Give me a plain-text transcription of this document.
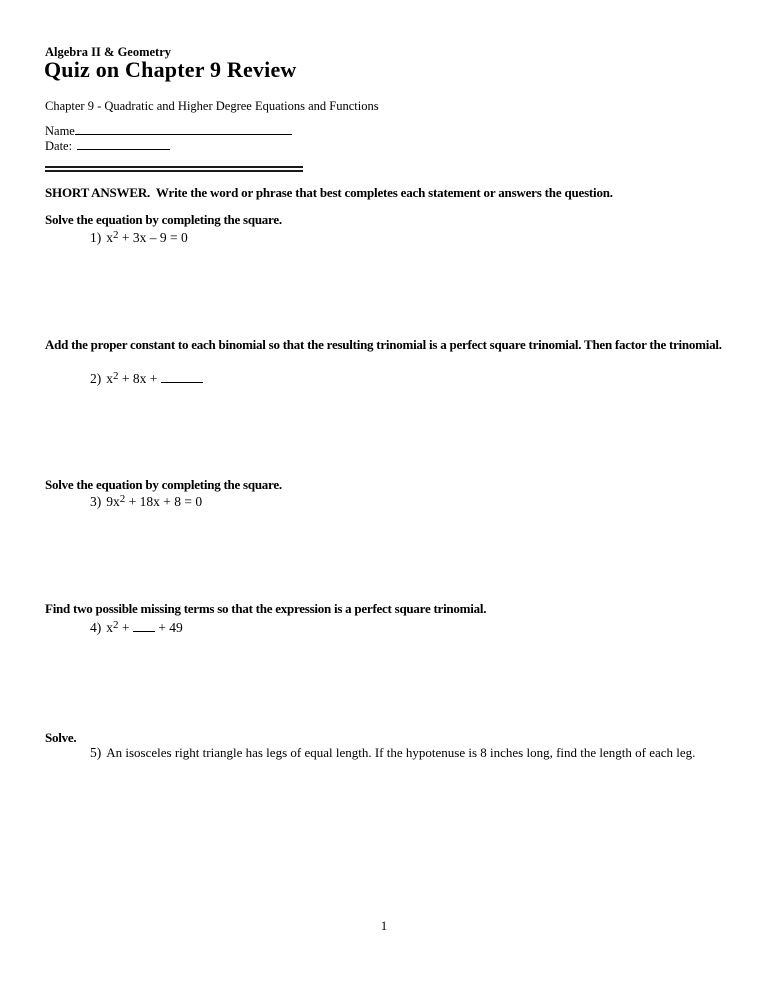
Algebra II & Geometry
Quiz on Chapter 9 Review
Chapter 9 - Quadratic and Higher Degree Equations and Functions
Name
Date:
SHORT ANSWER.  Write the word or phrase that best completes each statement or answers the question.
Solve the equation by completing the square.
1) $x^2 + 3x - 9 = 0$
Add the proper constant to each binomial so that the resulting trinomial is a perfect square trinomial. Then factor the trinomial.
2) $x^2 + 8x$ +
Solve the equation by completing the square.
3) $9x^2 + 18x + 8 = 0$
Find two possible missing terms so that the expression is a perfect square trinomial.
4) $x^2$ +  + 49
Solve.
5) An isosceles right triangle has legs of equal length. If the hypotenuse is 8 inches long, find the length of each leg.
1
